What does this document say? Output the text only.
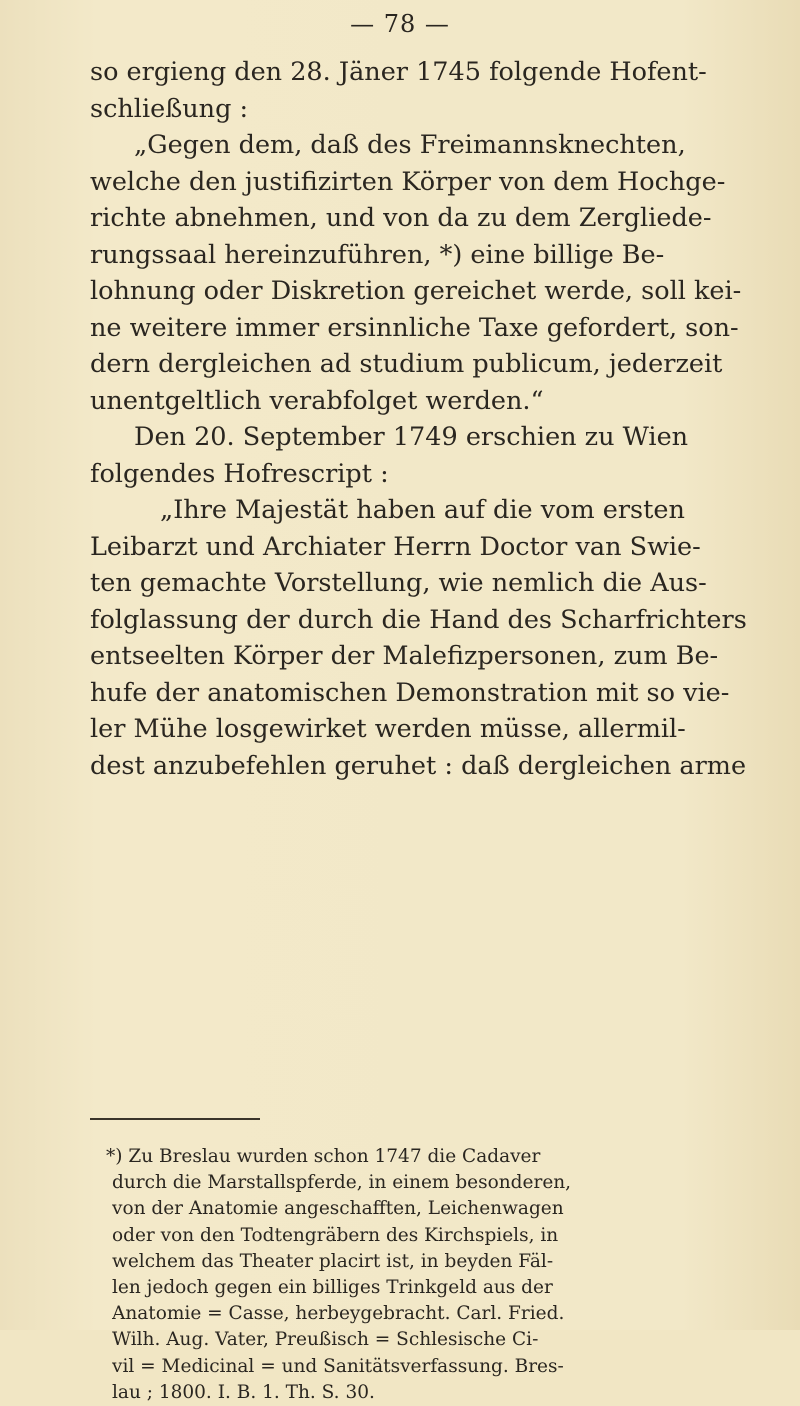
— 78 —
so ergieng den 28. Jäner 1745 folgende Hofent-
schließung :
„Gegen dem, daß des Freimannsknechten,
welche den justifizirten Körper von dem Hochge-
richte abnehmen, und von da zu dem Zergliede-
rungssaal hereinzuführen, *) eine billige Be-
lohnung oder Diskretion gereichet werde, soll kei-
ne weitere immer ersinnliche Taxe gefordert, son-
dern dergleichen ad studium publicum, jederzeit
unentgeltlich verabfolget werden.“
Den 20. September 1749 erschien zu Wien
folgendes Hofrescript :
„Ihre Majestät haben auf die vom ersten
Leibarzt und Archiater Herrn Doctor van Swie-
ten gemachte Vorstellung, wie nemlich die Aus-
folglassung der durch die Hand des Scharfrichters
entseelten Körper der Malefizpersonen, zum Be-
hufe der anatomischen Demonstration mit so vie-
ler Mühe losgewirket werden müsse, allermil-
dest anzubefehlen geruhet : daß dergleichen arme
*) Zu Breslau wurden schon 1747 die Cadaver
durch die Marstallspferde, in einem besonderen,
von der Anatomie angeschafften, Leichenwagen
oder von den Todtengräbern des Kirchspiels, in
welchem das Theater placirt ist, in beyden Fäl-
len jedoch gegen ein billiges Trinkgeld aus der
Anatomie = Casse, herbeygebracht. Carl. Fried.
Wilh. Aug. Vater, Preußisch = Schlesische Ci-
vil = Medicinal = und Sanitätsverfassung. Bres-
lau ; 1800. I. B. 1. Th. S. 30.
